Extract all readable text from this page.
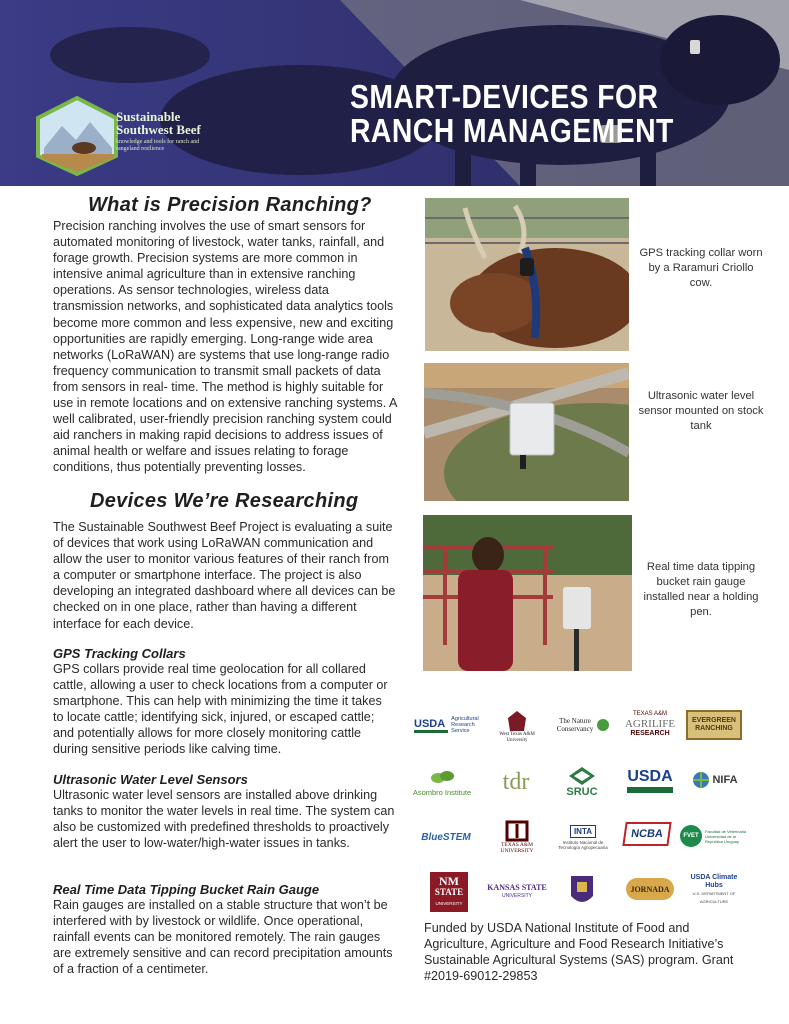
Sustainable
Southwest Beef
knowledge and tools for ranch and rangeland resilience
SMART-DEVICES FOR
RANCH MANAGEMENT
What is Precision Ranching?
Precision ranching involves the use of smart sensors for automated monitoring of livestock, water tanks, rainfall, and forage growth. Precision systems are more common in intensive animal agriculture than in extensive ranching operations. As sensor technologies, wireless data transmission networks, and sophisticated data analytics tools become more common and less expensive, new and exciting opportunities are rapidly emerging. Long-range wide area networks (LoRaWAN) are systems that use long-range radio frequency communication to transmit small packets of data from sensors in real- time. The method is highly suitable for use in remote locations and on extensive ranching systems. A well calibrated, user-friendly precision ranching system could aid ranchers in making rapid decisions to address issues of animal health or welfare and issues relating to forage conditions, thus potentially preventing losses.
Devices We’re Researching
The Sustainable Southwest Beef Project is evaluating a suite of devices that work using LoRaWAN communication and allow the user to monitor various features of their ranch from a computer or smartphone interface. The project is also developing an integrated dashboard where all devices can be checked on in one place, rather than having a different interface for each device.
GPS Tracking Collars
GPS collars provide real time geolocation for all collared cattle, allowing a user to check locations from a computer or smartphone. This can help with minimizing the time it takes to locate cattle; identifying sick, injured, or escaped cattle; and potentially allows for more closely monitoring cattle during sensitive periods like calving time.
Ultrasonic Water Level Sensors
Ultrasonic water level sensors are installed above drinking tanks to monitor the water levels in real time. The system can also be customized with predefined thresholds to proactively alert the user to low-water/high-water issues in tanks.
Real Time Data Tipping Bucket Rain Gauge
Rain gauges are installed on a stable structure that won’t be interfered with by livestock or wildlife. Once operational, rainfall events can be monitored remotely. The rain gauges are extremely sensitive and can record precipitation amounts of a fraction of a centimeter.
GPS tracking collar worn by a Raramuri Criollo cow.
Ultrasonic water level sensor mounted on stock tank
Real time data tipping bucket rain gauge installed near a holding pen.
USDA	Agricultural Research Service
West Texas A&M University
The Nature Conservancy
TEXAS A&M
AGRILIFE
RESEARCH
EVERGREEN RANCHING
Asombro Institute tdr	SRUC
USDA	NIFA
BlueSTEM
TEXAS A&M UNIVERSITY
INTA
Instituto Nacional de Tecnología Agropecuaria
NCBA	FVET
Facultad de Veterinaria Universidad de la República Uruguay
NM
STATE
UNIVERSITY
KANSAS STATE
UNIVERSITY
JORNADA
USDA Climate Hubs
U.S. DEPARTMENT OF AGRICULTURE
Funded by USDA National Institute of Food and Agriculture, Agriculture and Food Research Initiative’s Sustainable Agricultural Systems (SAS) program. Grant #2019-69012-29853
